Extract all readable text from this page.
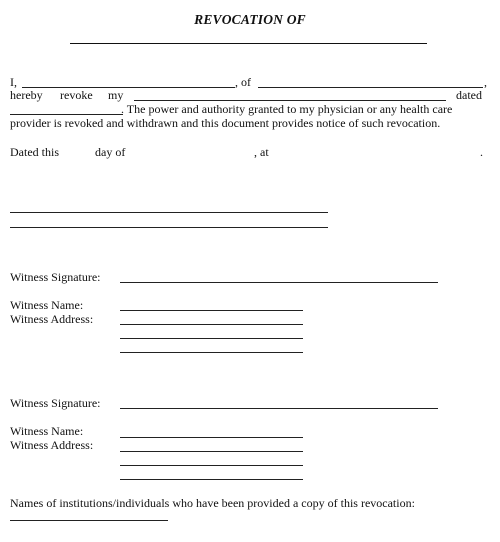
REVOCATION OF
I,	, of	,
hereby revoke my	dated
. The power and authority granted to my physician or any health care
provider is revoked and withdrawn and this document provides notice of such revocation.
Dated this	day of	, at	.
Witness Signature:
Witness Name:
Witness Address:
Witness Signature:
Witness Name:
Witness Address:
Names of institutions/individuals who have been provided a copy of this revocation:
